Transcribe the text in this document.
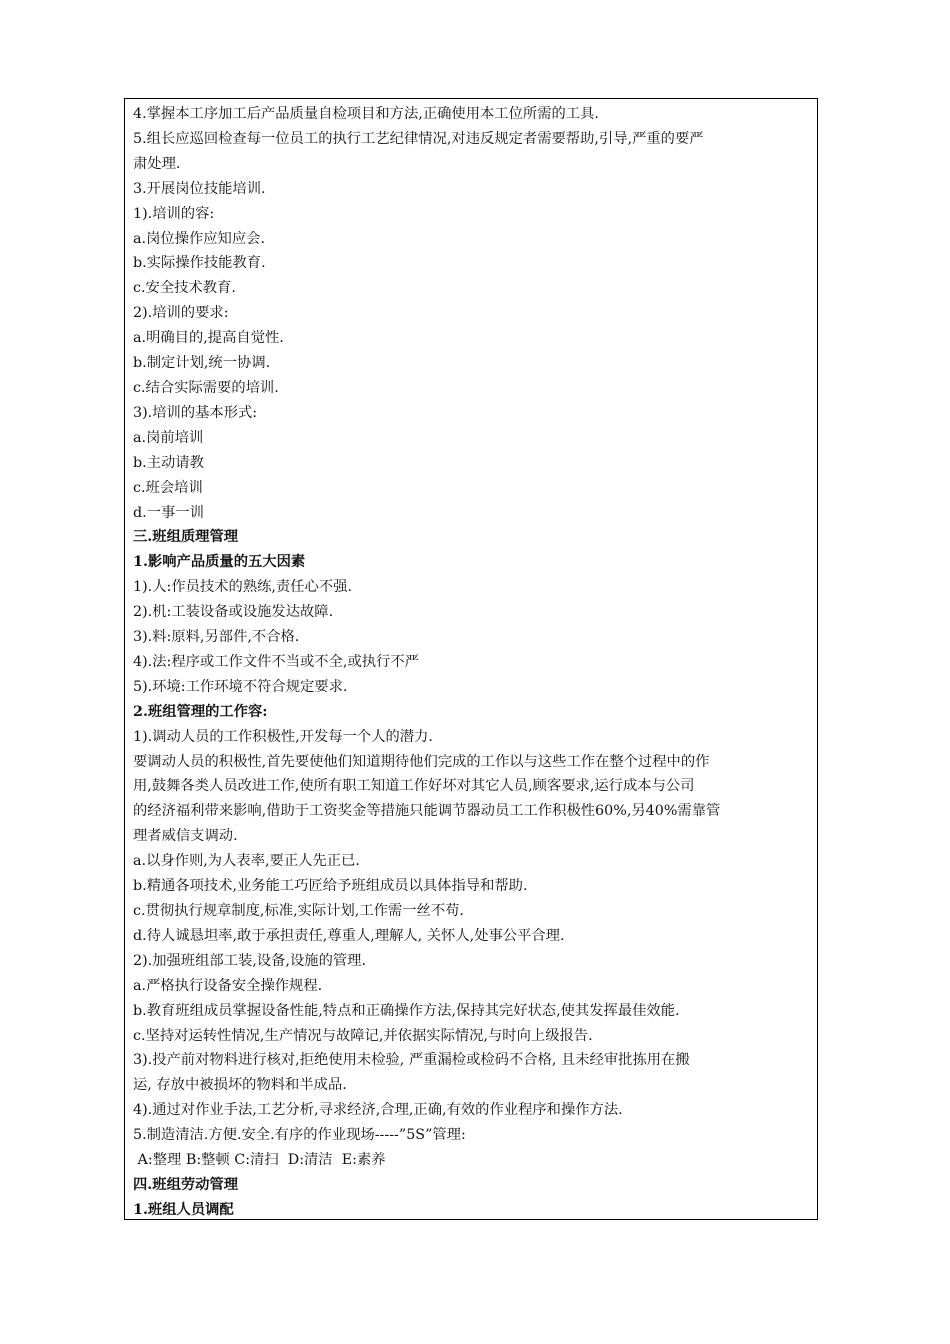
4.掌握本工序加工后产品质量自检项目和方法,正确使用本工位所需的工具.
5.组长应巡回检查每一位员工的执行工艺纪律情况,对违反规定者需要帮助,引导,严重的要严
肃处理.
3.开展岗位技能培训.
1).培训的容:
a.岗位操作应知应会.
b.实际操作技能教育.
c.安全技术教育.
2).培训的要求:
a.明确目的,提高自觉性.
b.制定计划,统一协调.
c.结合实际需要的培训.
3).培训的基本形式:
a.岗前培训
b.主动请教
c.班会培训
d.一事一训
三.班组质理管理
1.影响产品质量的五大因素
1).人:作员技术的熟练,责任心不强.
2).机:工装设备或设施发达故障.
3).料:原料,另部件,不合格.
4).法:程序或工作文件不当或不全,或执行不严
5).环境:工作环境不符合规定要求.
2.班组管理的工作容:
1).调动人员的工作积极性,开发每一个人的潜力.
要调动人员的积极性,首先要使他们知道期待他们完成的工作以与这些工作在整个过程中的作
用,鼓舞各类人员改进工作,使所有职工知道工作好坏对其它人员,顾客要求,运行成本与公司
的经济福利带来影响,借助于工资奖金等措施只能调节器动员工工作积极性60%,另40%需靠管
理者威信支调动.
a.以身作则,为人表率,要正人先正已.
b.精通各项技术,业务能工巧匠给予班组成员以具体指导和帮助.
c.贯彻执行规章制度,标准,实际计划,工作需一丝不苟.
d.待人诚恳坦率,敢于承担责任,尊重人,理解人, 关怀人,处事公平合理.
2).加强班组部工装,设备,设施的管理.
a.严格执行设备安全操作规程.
b.教育班组成员掌握设备性能,特点和正确操作方法,保持其完好状态,使其发挥最佳效能.
c.坚持对运转性情况,生产情况与故障记,并依据实际情况,与时向上级报告.
3).投产前对物料进行核对,拒绝使用未检验, 严重漏检或检码不合格, 且未经审批拣用在搬
运, 存放中被损坏的物料和半成品.
4).通过对作业手法,工艺分析,寻求经济,合理,正确,有效的作业程序和操作方法.
5.制造清洁.方便.安全.有序的作业现场-----”5S”管理:
A:整理 B:整顿 C:清扫  D:清洁  E:素养
四.班组劳动管理
1.班组人员调配
